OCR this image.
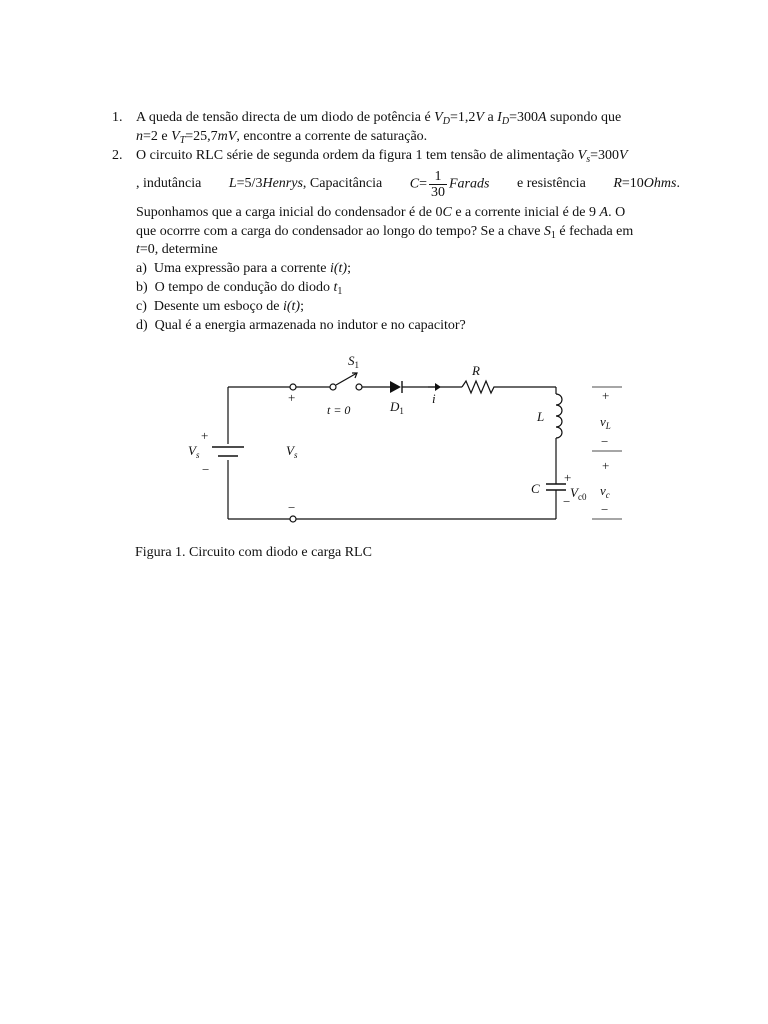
1. A queda de tensão directa de um diodo de potência é $V_D=1,2V$ a $I_D=300A$ supondo que
n=2 e $V_T=25,7mV$, encontre a corrente de saturação.
2. O circuito RLC série de segunda ordem da figura 1 tem tensão de alimentação $V_s=300V$
, indutância L=5/3Henrys, Capacitância $C= \frac{1}{30}$ Farads e resistência R=10Ohms.
Suponhamos que a carga inicial do condensador é de 0C e a corrente inicial é de 9 A. O
que ocorrre com a carga do condensador ao longo do tempo? Se a chave $S_1$ é fechada em
t=0, determine
a) Uma expressão para a corrente i(t);
b) O tempo de condução do diodo $t_1$
c) Desente um esboço de i(t);
d) Qual é a energia armazenada no indutor e no capacitor?
$S_1$
t = 0	$D_1$
i
R
L
C $V_{c0}$ $v_c$
$v_L$
$V_s$	$V_s$
+
−
+
−
+
−
+
−
+
−
Figura 1. Circuito com diodo e carga RLC
